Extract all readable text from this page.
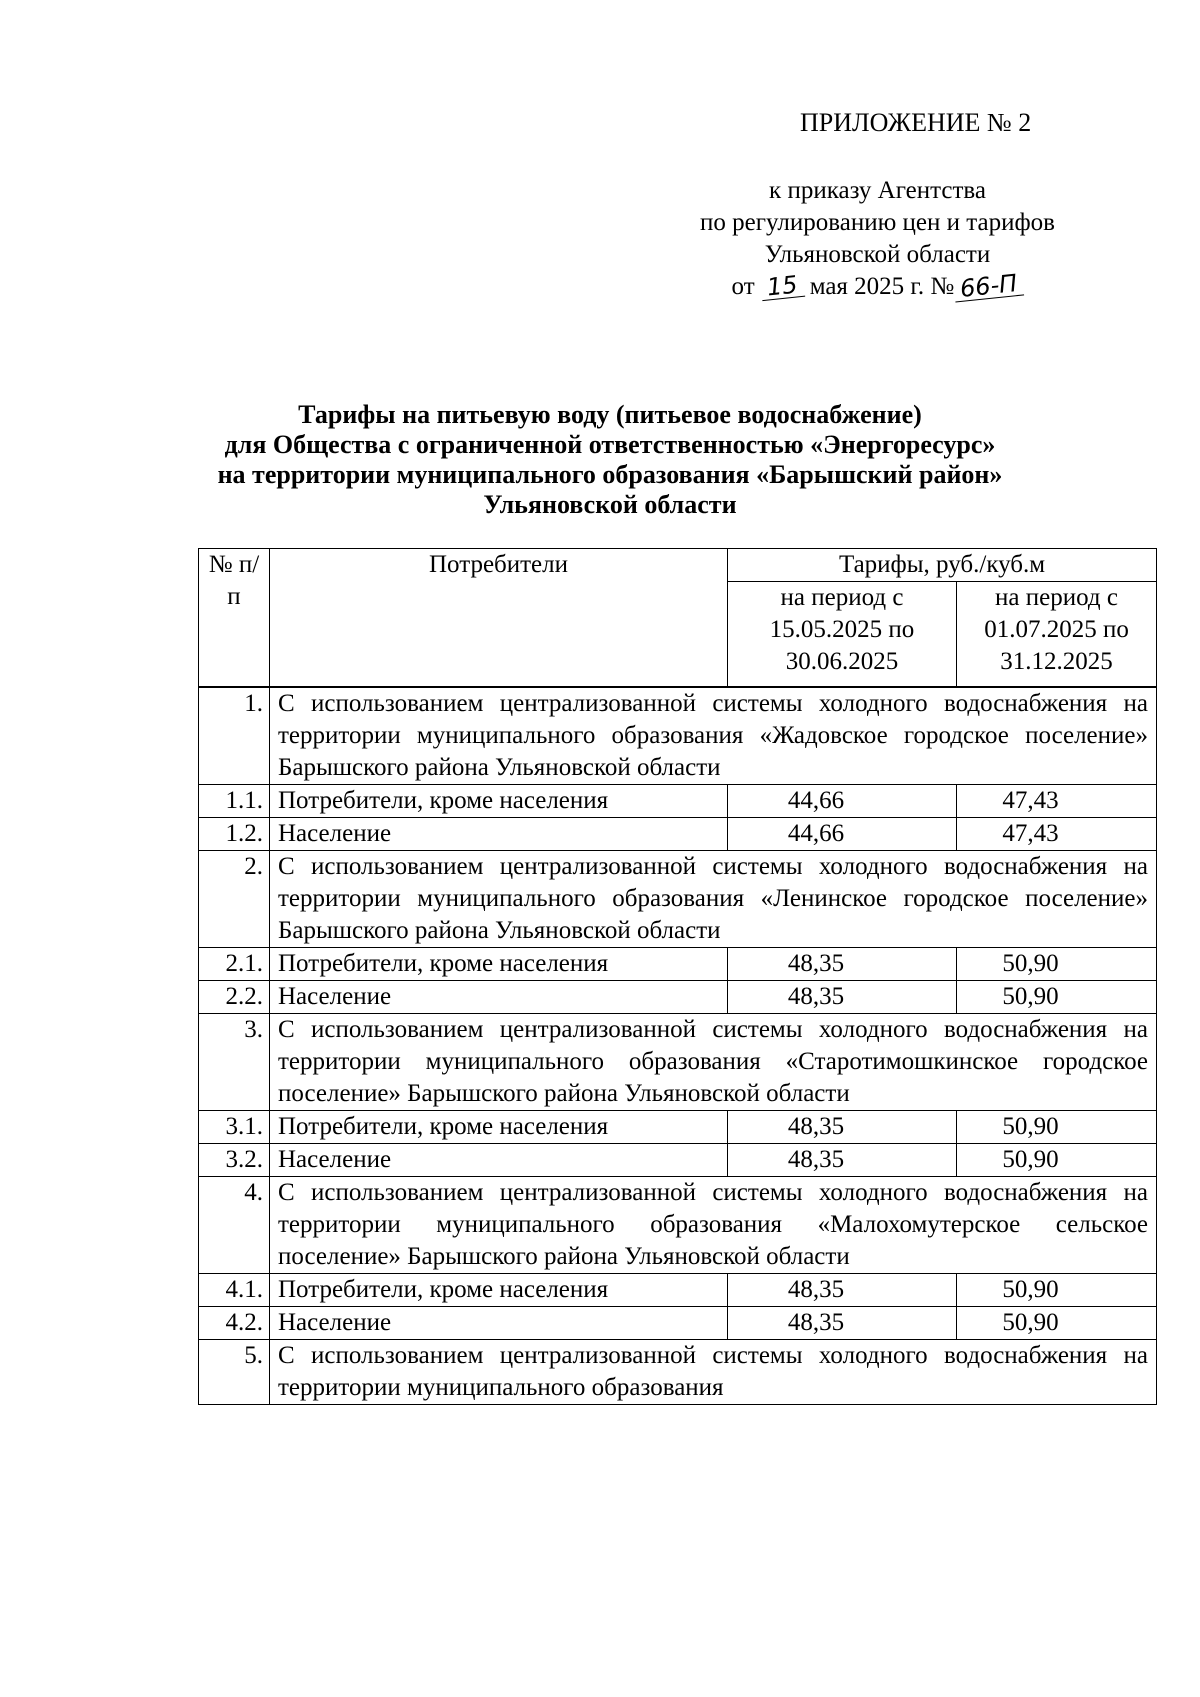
ПРИЛОЖЕНИЕ № 2
к приказу Агентства
по регулированию цен и тарифов
Ульяновской области
от 15 мая 2025 г. № 66-П
Тарифы на питьевую воду (питьевое водоснабжение)
для Общества с ограниченной ответственностью «Энергоресурс»
на территории муниципального образования «Барышский район»
Ульяновской области
№ п/п	Потребители	Тарифы, руб./куб.м	
		на период с 15.05.2025 по 30.06.2025	на период с 01.07.2025 по 31.12.2025
1.	С использованием централизованной системы холодного водоснабжения на территории муниципального образования «Жадовское городское поселение» Барышского района Ульяновской области		
1.1.	Потребители, кроме населения	44,66	47,43
1.2.	Население	44,66	47,43
2.	С использованием централизованной системы холодного водоснабжения на территории муниципального образования «Ленинское городское поселение» Барышского района Ульяновской области		
2.1.	Потребители, кроме населения	48,35	50,90
2.2.	Население	48,35	50,90
3.	С использованием централизованной системы холодного водоснабжения на территории муниципального образования «Старотимошкинское городское поселение» Барышского района Ульяновской области		
3.1.	Потребители, кроме населения	48,35	50,90
3.2.	Население	48,35	50,90
4.	С использованием централизованной системы холодного водоснабжения на территории муниципального образования «Малохомутерское сельское поселение» Барышского района Ульяновской области		
4.1.	Потребители, кроме населения	48,35	50,90
4.2.	Население	48,35	50,90
5.	С использованием централизованной системы холодного водоснабжения на территории муниципального образования		
